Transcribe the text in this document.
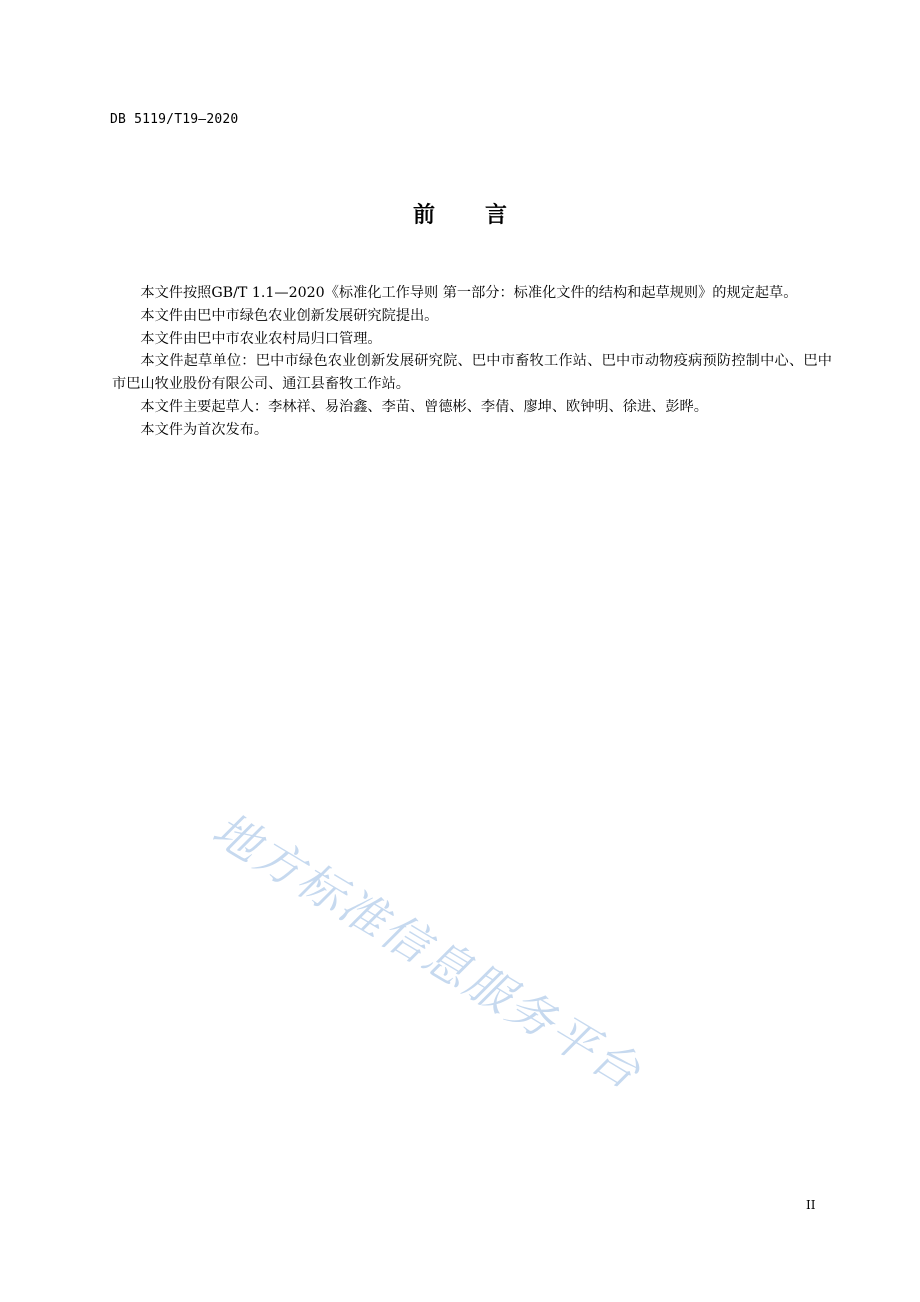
DB 5119/T19—2020
前言

本文件按照GB/T 1.1—2020《标准化工作导则 第一部分：标准化文件的结构和起草规则》的规定起草。

本文件由巴中市绿色农业创新发展研究院提出。

本文件由巴中市农业农村局归口管理。

本文件起草单位：巴中市绿色农业创新发展研究院、巴中市畜牧工作站、巴中市动物疫病预防控制中心、巴中市巴山牧业股份有限公司、通江县畜牧工作站。

本文件主要起草人：李林祥、易治鑫、李苗、曾德彬、李倩、廖坤、欧钟明、徐进、彭晔。

本文件为首次发布。

地方标准信息服务平台
II
